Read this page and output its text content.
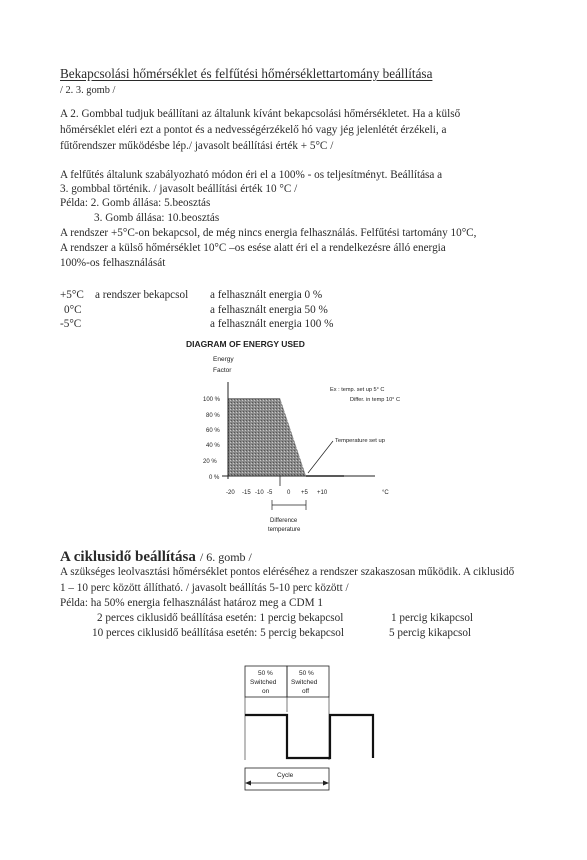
Bekapcsolási hőmérséklet és felfűtési hőmérséklettartomány beállítása
/ 2. 3. gomb /
A 2. Gombbal tudjuk beállítani az általunk kívánt bekapcsolási hőmérsékletet. Ha a külső
hőmérséklet eléri ezt a pontot és a nedvességérzékelő hó vagy jég jelenlétét érzékeli, a
fűtőrendszer működésbe lép./ javasolt beállítási érték + 5°C /
A felfűtés általunk szabályozható módon éri el a 100% - os teljesítményt. Beállítása a
3. gombbal történik. / javasolt beállítási érték 10 °C /
Példa: 2. Gomb állása: 5.beosztás
3. Gomb állása: 10.beosztás
A rendszer +5°C-on bekapcsol, de még nincs energia felhasználás. Felfűtési tartomány 10°C,
A rendszer a külső hőmérséklet 10°C –os esése alatt éri el a rendelkezésre álló energia
100%-os felhasználását
+5°C a rendszer bekapcsol a felhasznált energia 0 %
0°C	a felhasznált energia 50 %
-5°C	a felhasznált energia 100 %
DIAGRAM OF ENERGY USED
Energy
Factor
100 %
80 %
60 %
40 %
20 %
0 %
-20 -15 -10 -5 0 +5 +10	°C
Ex : temp. set up 5° C
Differ. in temp 10° C
Temperature set up
Difference
temperature
A ciklusidő beállítása / 6. gomb /
A szükséges leolvasztási hőmérséklet pontos eléréséhez a rendszer szakaszosan működik. A ciklusidő
1 – 10 perc között állítható. / javasolt beállítás 5-10 perc között /
Példa: ha 50% energia felhasználást határoz meg a CDM 1
2 perces ciklusidő beállítása esetén: 1 percig bekapcsol	1 percig kikapcsol
10 perces ciklusidő beállítása esetén: 5 percig bekapcsol	5 percig kikapcsol
50 %
Switched
on
50 %
Switched
off
Cycle
